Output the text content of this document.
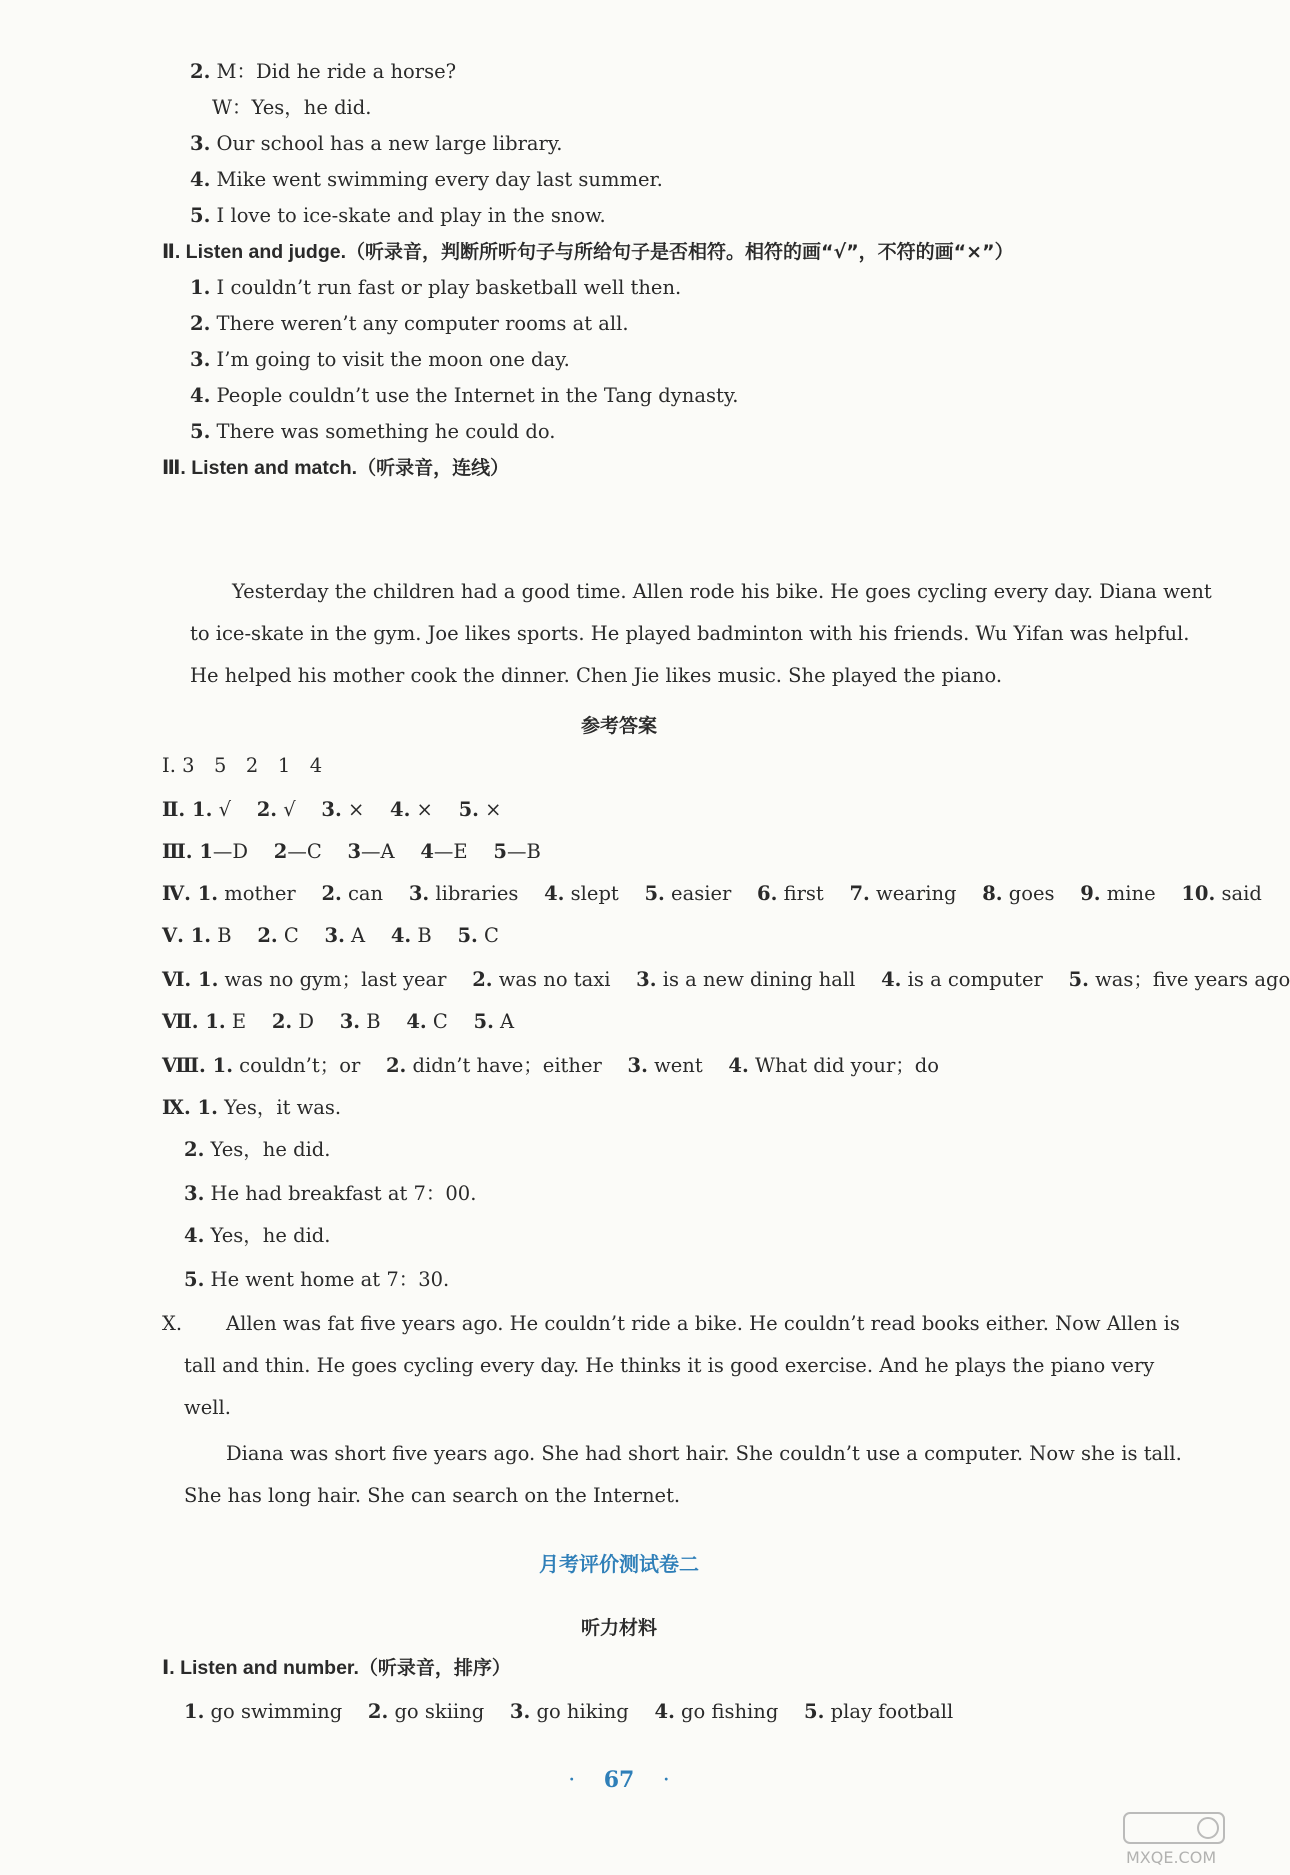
2. M：Did he ride a horse?
W：Yes，he did.
3. Our school has a new large library.
4. Mike went swimming every day last summer.
5. I love to ice-skate and play in the snow.
Ⅱ. Listen and judge.（听录音，判断所听句子与所给句子是否相符。相符的画“√”，不符的画“×”）
1. I couldn’t run fast or play basketball well then.
2. There weren’t any computer rooms at all.
3. I’m going to visit the moon one day.
4. People couldn’t use the Internet in the Tang dynasty.
5. There was something he could do.
Ⅲ. Listen and match.（听录音，连线）
Yesterday the children had a good time. Allen rode his bike. He goes cycling every day. Diana went
to ice-skate in the gym. Joe likes sports. He played badminton with his friends. Wu Yifan was helpful.
He helped his mother cook the dinner. Chen Jie likes music. She played the piano.
参考答案
Ⅰ. 3　5　2　1　4
Ⅱ. 1. √　 2. √　 3. ×　 4. ×　 5. ×
Ⅲ. 1—D　 2—C　 3—A　 4—E　 5—B
Ⅳ. 1. mother　 2. can　 3. libraries　 4. slept　 5. easier　 6. first　 7. wearing　 8. goes　 9. mine　 10. said
Ⅴ. 1. B　 2. C　 3. A　 4. B　 5. C
Ⅵ. 1. was no gym；last year　 2. was no taxi　 3. is a new dining hall　 4. is a computer　 5. was；five years ago
Ⅶ. 1. E　 2. D　 3. B　 4. C　 5. A
Ⅷ. 1. couldn’t；or　 2. didn’t have；either　 3. went　 4. What did your；do
Ⅸ. 1. Yes，it was.
2. Yes，he did.
3. He had breakfast at 7：00.
4. Yes，he did.
5. He went home at 7：30.
Ⅹ. Allen was fat five years ago. He couldn’t ride a bike. He couldn’t read books either. Now Allen is
tall and thin. He goes cycling every day. He thinks it is good exercise. And he plays the piano very
well.
Diana was short five years ago. She had short hair. She couldn’t use a computer. Now she is tall.
She has long hair. She can search on the Internet.
月考评价测试卷二
听力材料
Ⅰ. Listen and number.（听录音，排序）
1. go swimming　 2. go skiing　 3. go hiking　 4. go fishing　 5. play football
· 67 ·
MXQE.COM
